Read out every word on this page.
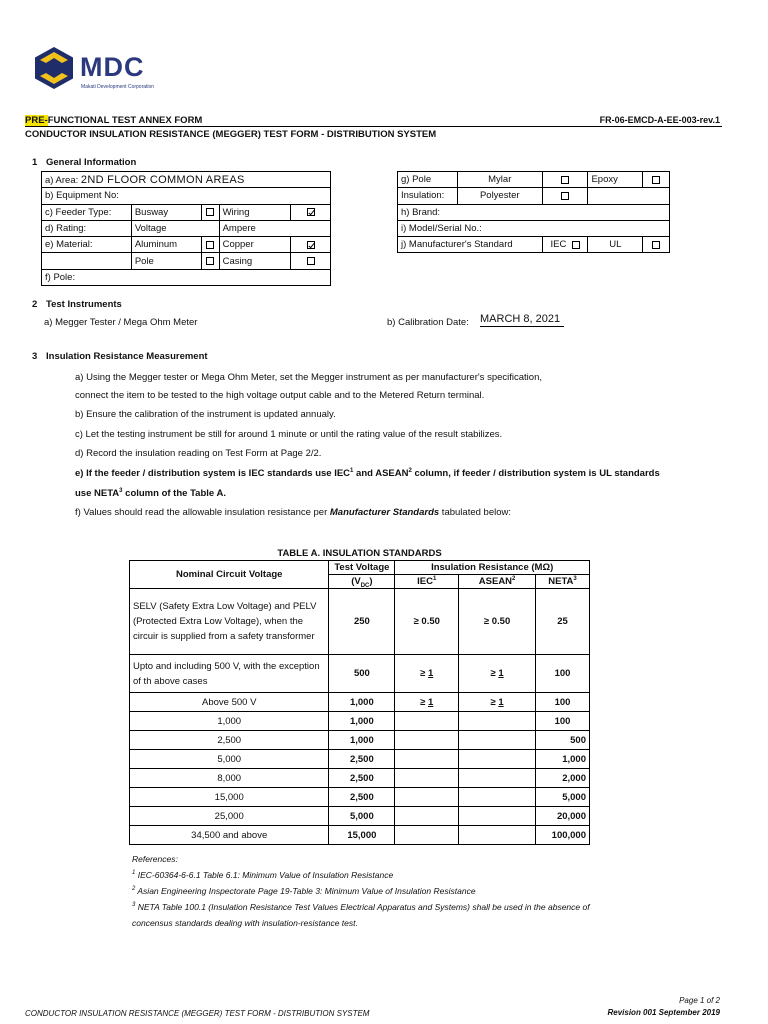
MDC
Makati Development Corporation
PRE-FUNCTIONAL TEST ANNEX FORM	FR-06-EMCD-A-EE-003-rev.1
CONDUCTOR INSULATION RESISTANCE (MEGGER) TEST FORM - DISTRIBUTION SYSTEM
1 General Information
a) Area: 2ND FLOOR COMMON AREAS				
b) Equipment No:				
c) Feeder Type:	Busway		Wiring	
d) Rating:	Voltage		Ampere	
e) Material:	Aluminum		Copper	
	Pole		Casing	
f) Pole:				
g) Pole	Mylar		Epoxy	
Insulation:	Polyester			
h) Brand:				
i) Model/Serial No.:				
j) Manufacturer's Standard		IEC	UL	
2 Test Instruments
a) Megger Tester / Mega Ohm Meter	b) Calibration Date: MARCH 8, 2021
3 Insulation Resistance Measurement
a) Using the Megger tester or Mega Ohm Meter, set the Megger instrument as per manufacturer's specification,
connect the item to be tested to the high voltage output cable and to the Metered Return terminal.
b) Ensure the calibration of the instrument is updated annualy.
c) Let the testing instrument be still for around 1 minute or until the rating value of the result stabilizes.
d) Record the insulation reading on Test Form at Page 2/2.
e) If the feeder / distribution system is IEC standards use IEC$^1$ and ASEAN$^2$ column, if feeder / distribution system is UL standards
use NETA$^3$ column of the Table A.
f) Values should read the allowable insulation resistance per Manufacturer Standards tabulated below:
TABLE A. INSULATION STANDARDS
Nominal Circuit Voltage	Test Voltage	Insulation Resistance (MΩ)		
	$(V_{DC})$	IEC$^1$	ASEAN$^2$	NETA$^3$
SELV (Safety Extra Low Voltage) and PELV (Protected Extra Low Voltage), when the circuir is supplied from a safety transformer	250	≥ 0.50	≥ 0.50	25
Upto and including 500 V, with the exception of th above cases	500	≥ 1	≥ 1	100
Above 500 V	1,000	≥ 1	≥ 1	100
1,000	1,000			100
2,500	1,000			500
5,000	2,500			1,000
8,000	2,500			2,000
15,000	2,500			5,000
25,000	5,000			20,000
34,500 and above	15,000			100,000
References:
$^1$ IEC-60364-6-6.1 Table 6.1: Minimum Value of Insulation Resistance
$^2$ Asian Engineering Inspectorate Page 19-Table 3: Minimum Value of Insulation Resistance
$^3$ NETA Table 100.1 (Insulation Resistance Test Values Electrical Apparatus and Systems) shall be used in the absence of
concensus standards dealing with insulation-resistance test.
CONDUCTOR INSULATION RESISTANCE (MEGGER) TEST FORM - DISTRIBUTION SYSTEM
Page 1 of 2
Revision 001 September 2019
